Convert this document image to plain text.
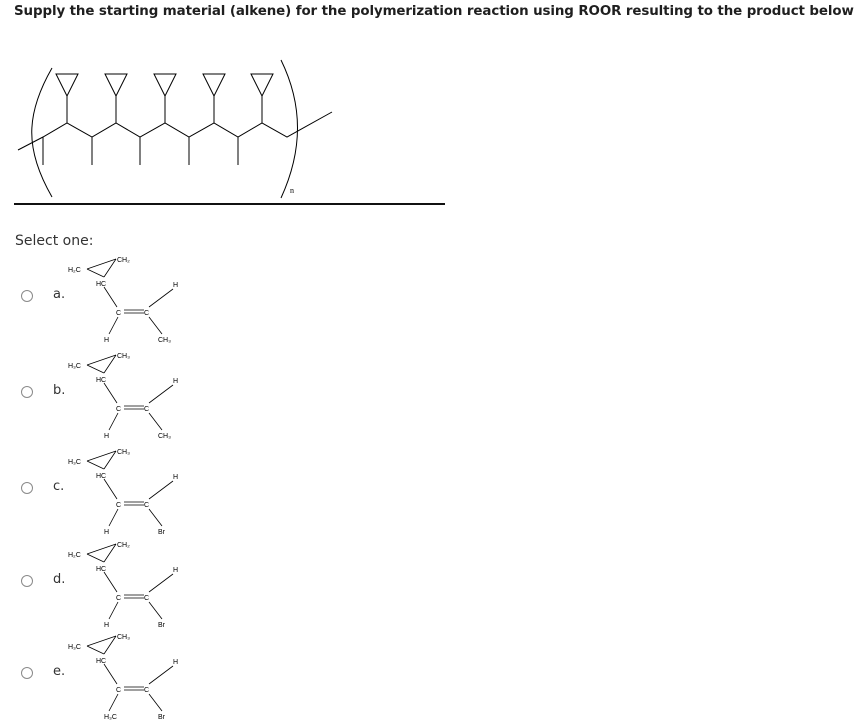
Supply the starting material (alkene) for the polymerization reaction using ROOR resulting to the product below
n
Select one:
a.
CH₂
H₂C
HC	H
C	C
H	CH₃
b.
CH₃
H₃C
HC	H
C	C
H	CH₃
c.
CH₃
H₃C
HC	H
C	C
H	Br
d.
CH₂
H₂C
HC	H
C	C
H	Br
e.
CH₃
H₃C
HC	H
C	C
H₃C	Br
